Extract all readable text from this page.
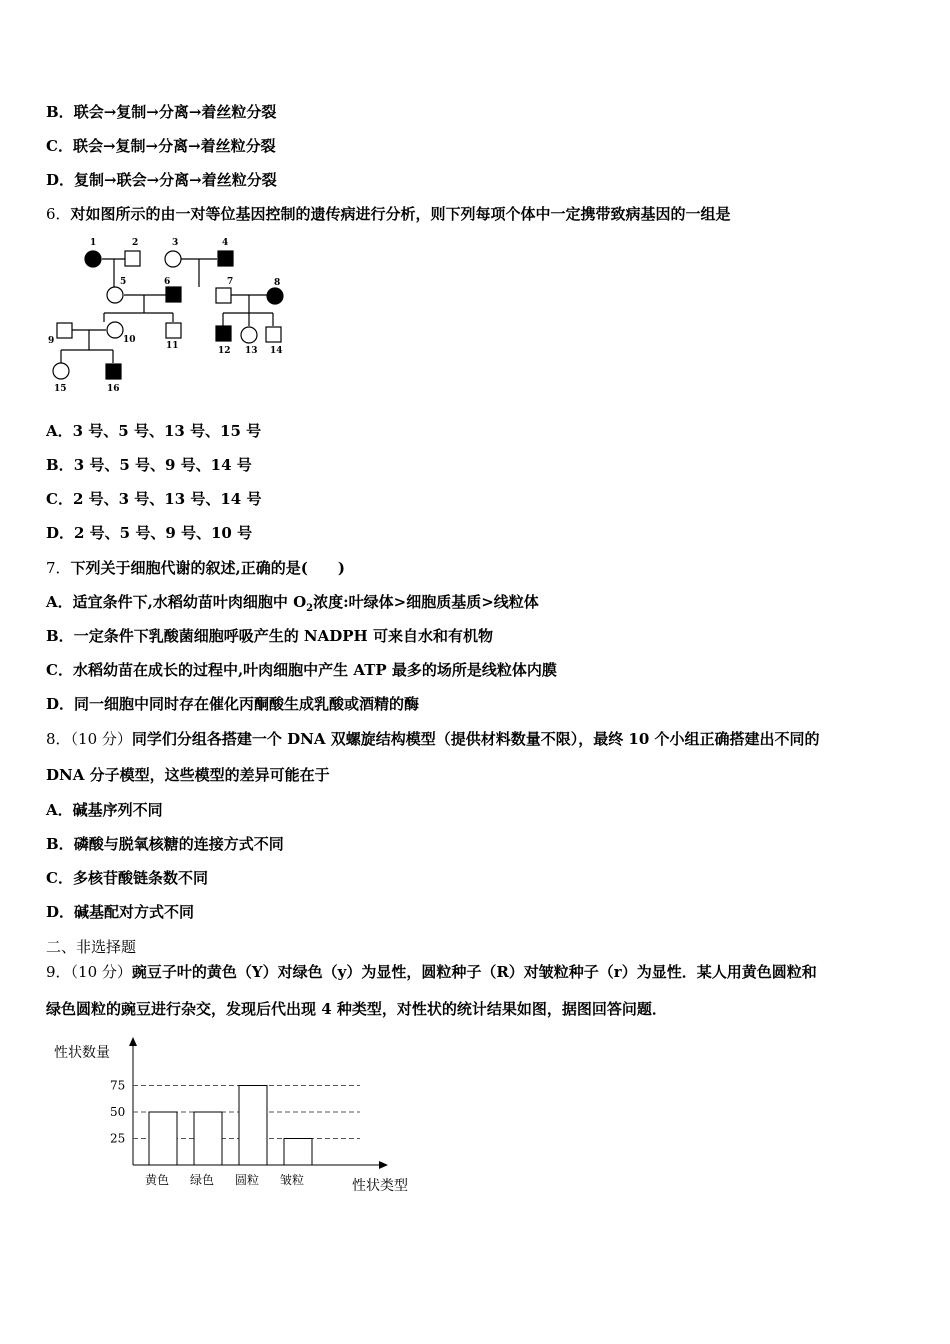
B．联会→复制→分离→着丝粒分裂
C．联会→复制→分离→着丝粒分裂
D．复制→联会→分离→着丝粒分裂
6．对如图所示的由一对等位基因控制的遗传病进行分析，则下列每项个体中一定携带致病基因的一组是
1	2	3	4
5	6	7	8
9	10
11	12 13 14
15	16
A．3 号、5 号、13 号、15 号
B．3 号、5 号、9 号、14 号
C．2 号、3 号、13 号、14 号
D．2 号、5 号、9 号、10 号
7．下列关于细胞代谢的叙述,正确的是(　　)
A．适宜条件下,水稻幼苗叶肉细胞中 $O_2$浓度:叶绿体>细胞质基质>线粒体
B．一定条件下乳酸菌细胞呼吸产生的 NADPH 可来自水和有机物
C．水稻幼苗在成长的过程中,叶肉细胞中产生 ATP 最多的场所是线粒体内膜
D．同一细胞中同时存在催化丙酮酸生成乳酸或酒精的酶
8．（10 分）同学们分组各搭建一个 DNA 双螺旋结构模型（提供材料数量不限），最终 10 个小组正确搭建出不同的
DNA 分子模型，这些模型的差异可能在于
A．碱基序列不同
B．磷酸与脱氧核糖的连接方式不同
C．多核苷酸链条数不同
D．碱基配对方式不同
二、非选择题
9．（10 分）豌豆子叶的黄色（Y）对绿色（y）为显性，圆粒种子（R）对皱粒种子（r）为显性．某人用黄色圆粒和
绿色圆粒的豌豆进行杂交，发现后代出现 4 种类型，对性状的统计结果如图，据图回答问题．
性状数量
25
50
75
黄色 绿色 圆粒 皱粒	性状类型
